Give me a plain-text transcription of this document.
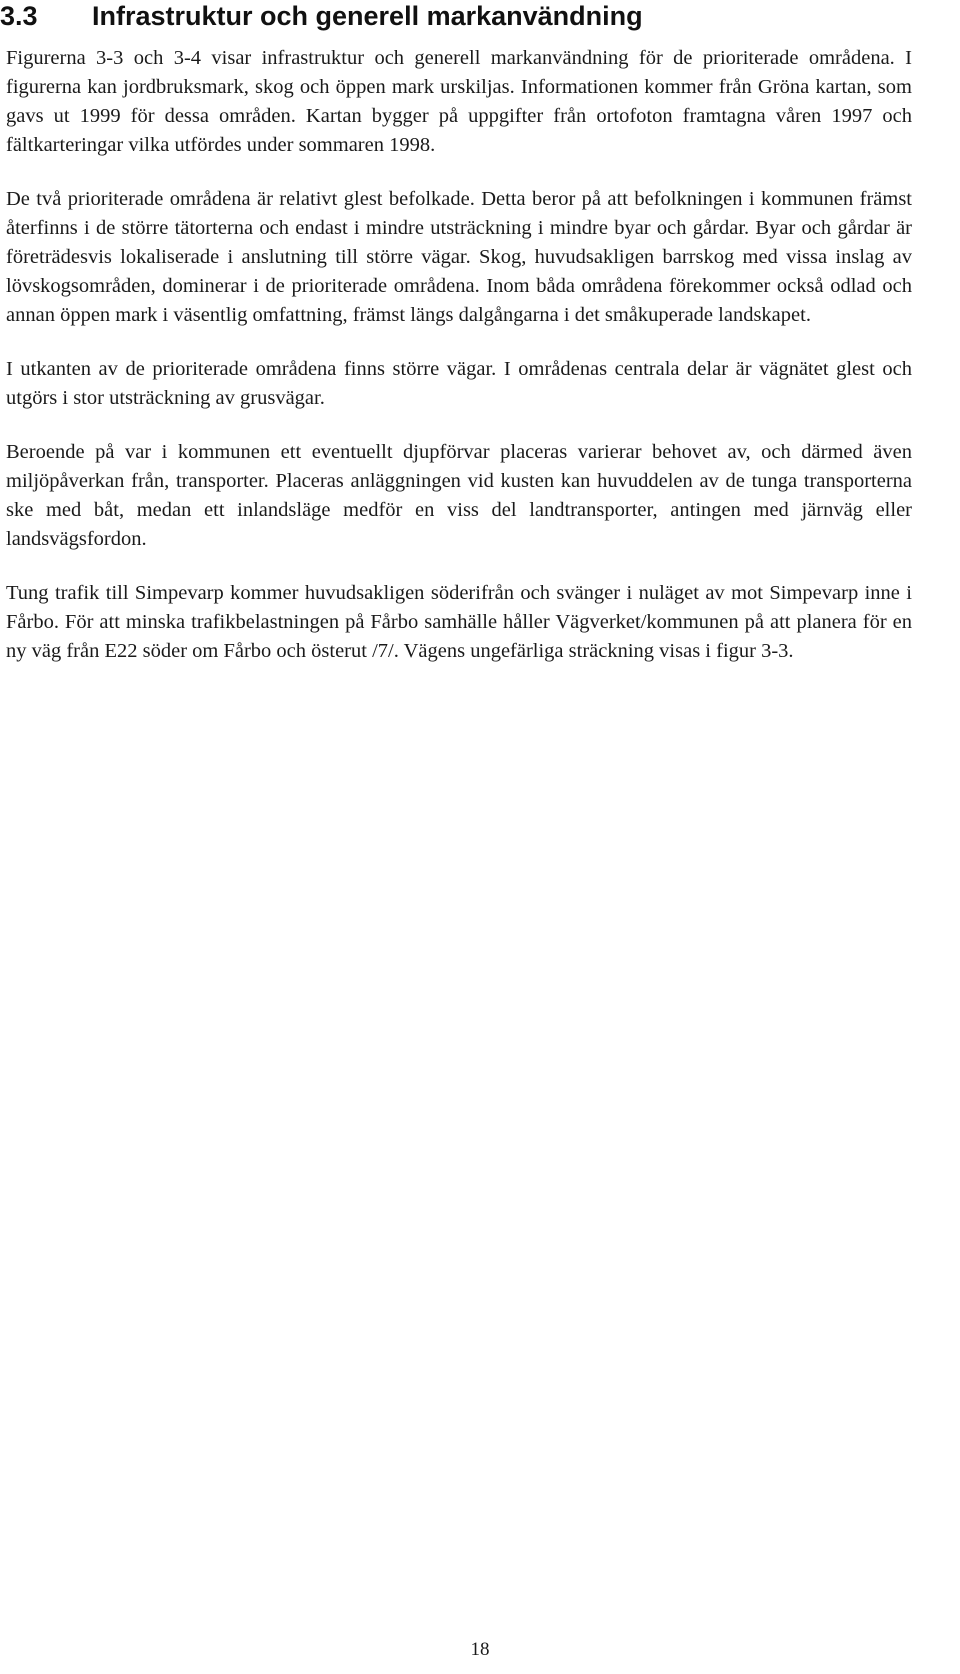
3.3 Infrastruktur och generell markanvändning

Figurerna 3-3 och 3-4 visar infrastruktur och generell markanvändning för de prioriterade områdena. I figurerna kan jordbruksmark, skog och öppen mark urskiljas. Informationen kommer från Gröna kartan, som gavs ut 1999 för dessa områden. Kartan bygger på uppgifter från ortofoton framtagna våren 1997 och fältkarteringar vilka utfördes under sommaren 1998.

De två prioriterade områdena är relativt glest befolkade. Detta beror på att befolkningen i kommunen främst återfinns i de större tätorterna och endast i mindre utsträckning i mindre byar och gårdar. Byar och gårdar är företrädesvis lokaliserade i anslutning till större vägar. Skog, huvudsakligen barrskog med vissa inslag av lövskogsområden, dominerar i de prioriterade områdena. Inom båda områdena förekommer också odlad och annan öppen mark i väsentlig omfattning, främst längs dalgångarna i det småkuperade landskapet.

I utkanten av de prioriterade områdena finns större vägar. I områdenas centrala delar är vägnätet glest och utgörs i stor utsträckning av grusvägar.

Beroende på var i kommunen ett eventuellt djupförvar placeras varierar behovet av, och därmed även miljöpåverkan från, transporter. Placeras anläggningen vid kusten kan huvuddelen av de tunga transporterna ske med båt, medan ett inlandsläge medför en viss del landtransporter, antingen med järnväg eller landsvägsfordon.

Tung trafik till Simpevarp kommer huvudsakligen söderifrån och svänger i nuläget av mot Simpevarp inne i Fårbo. För att minska trafikbelastningen på Fårbo samhälle håller Vägverket/kommunen på att planera för en ny väg från E22 söder om Fårbo och österut /7/. Vägens ungefärliga sträckning visas i figur 3-3.

18
